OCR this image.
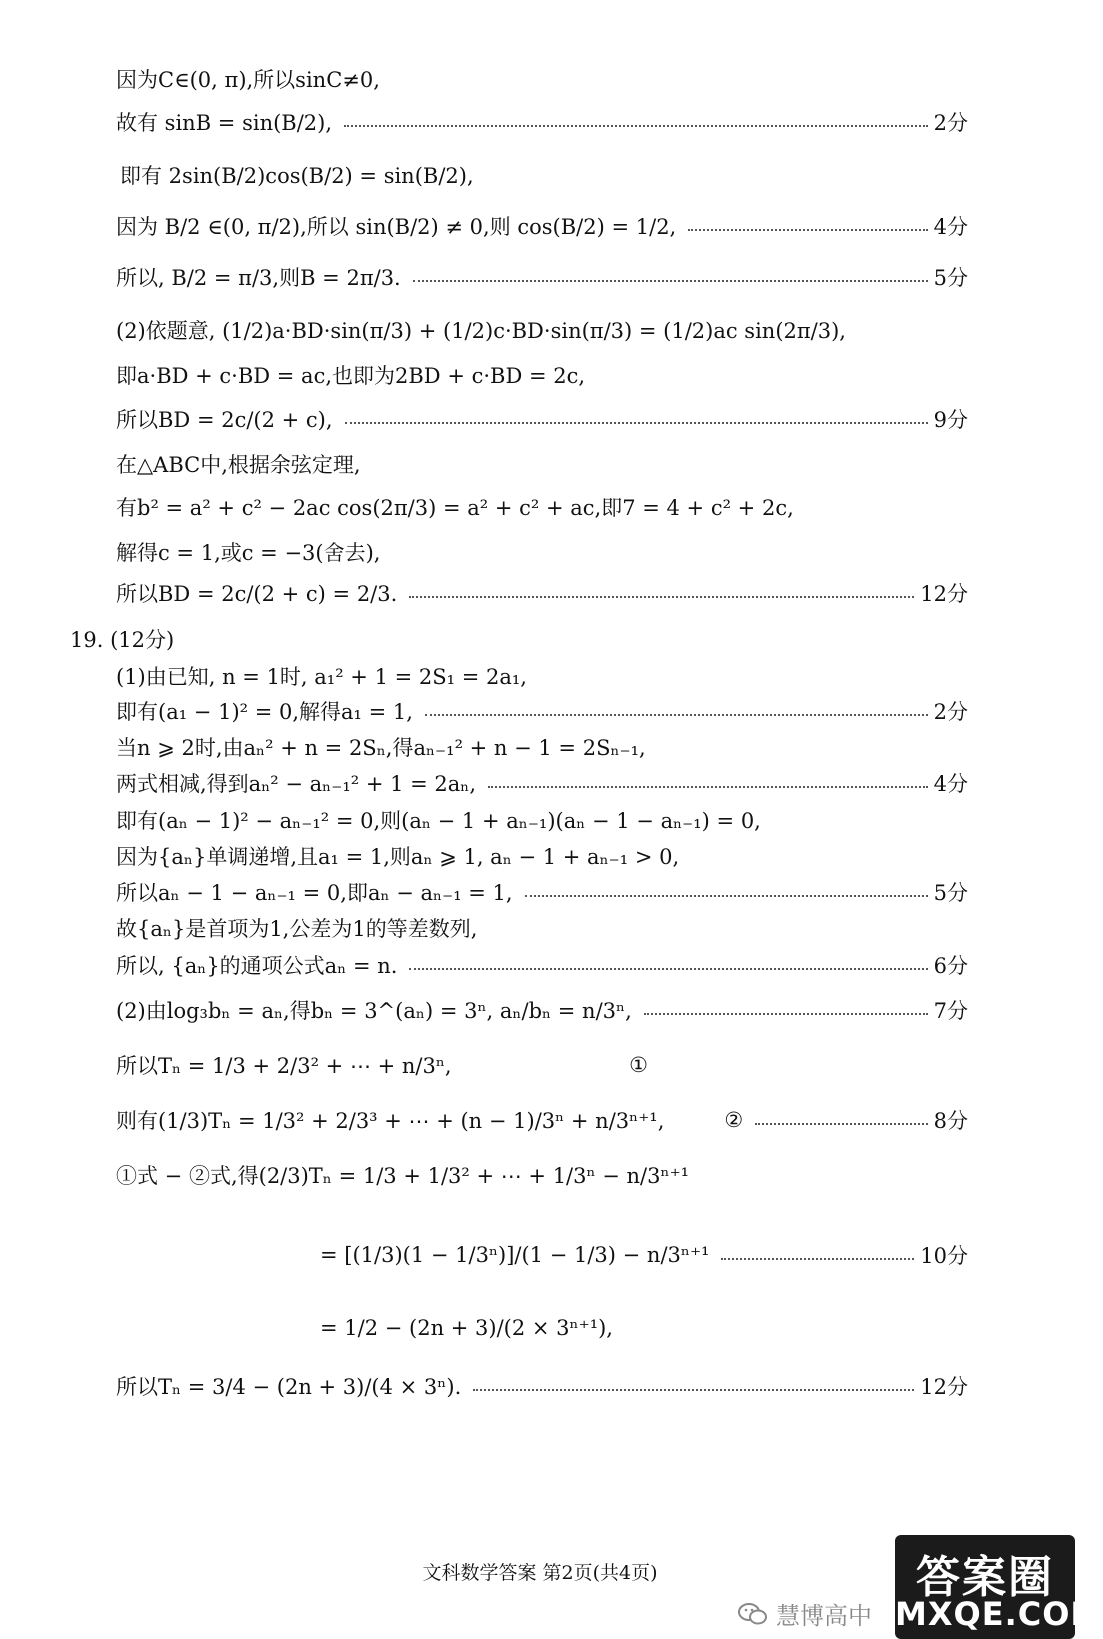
因为C∈(0, π),所以sinC≠0,
故有 sinB = sin(B/2),	2分
即有 2sin(B/2)cos(B/2) = sin(B/2),
因为 B/2 ∈(0, π/2),所以 sin(B/2) ≠ 0,则 cos(B/2) = 1/2,	4分
所以, B/2 = π/3,则B = 2π/3.	5分
(2)依题意, (1/2)a·BD·sin(π/3) + (1/2)c·BD·sin(π/3) = (1/2)ac sin(2π/3),
即a·BD + c·BD = ac,也即为2BD + c·BD = 2c,
所以BD = 2c/(2 + c),	9分
在△ABC中,根据余弦定理,
有b² = a² + c² − 2ac cos(2π/3) = a² + c² + ac,即7 = 4 + c² + 2c,
解得c = 1,或c = −3(舍去),
所以BD = 2c/(2 + c) = 2/3.	12分
19. (12分)
(1)由已知, n = 1时, a₁² + 1 = 2S₁ = 2a₁,
即有(a₁ − 1)² = 0,解得a₁ = 1,	2分
当n ⩾ 2时,由aₙ² + n = 2Sₙ,得aₙ₋₁² + n − 1 = 2Sₙ₋₁,
两式相减,得到aₙ² − aₙ₋₁² + 1 = 2aₙ,	4分
即有(aₙ − 1)² − aₙ₋₁² = 0,则(aₙ − 1 + aₙ₋₁)(aₙ − 1 − aₙ₋₁) = 0,
因为{aₙ}单调递增,且a₁ = 1,则aₙ ⩾ 1, aₙ − 1 + aₙ₋₁ > 0,
所以aₙ − 1 − aₙ₋₁ = 0,即aₙ − aₙ₋₁ = 1,	5分
故{aₙ}是首项为1,公差为1的等差数列,
所以, {aₙ}的通项公式aₙ = n.	6分
(2)由log₃bₙ = aₙ,得bₙ = 3^(aₙ) = 3ⁿ, aₙ/bₙ = n/3ⁿ,	7分
所以Tₙ = 1/3 + 2/3² + ⋯ + n/3ⁿ,	①
则有(1/3)Tₙ = 1/3² + 2/3³ + ⋯ + (n − 1)/3ⁿ + n/3ⁿ⁺¹,	②	8分
①式 − ②式,得(2/3)Tₙ = 1/3 + 1/3² + ⋯ + 1/3ⁿ − n/3ⁿ⁺¹
= [(1/3)(1 − 1/3ⁿ)]/(1 − 1/3) − n/3ⁿ⁺¹	10分
= 1/2 − (2n + 3)/(2 × 3ⁿ⁺¹),
所以Tₙ = 3/4 − (2n + 3)/(4 × 3ⁿ).	12分
文科数学答案 第2页(共4页)
慧博高中
答案圈
MXQE.COM
